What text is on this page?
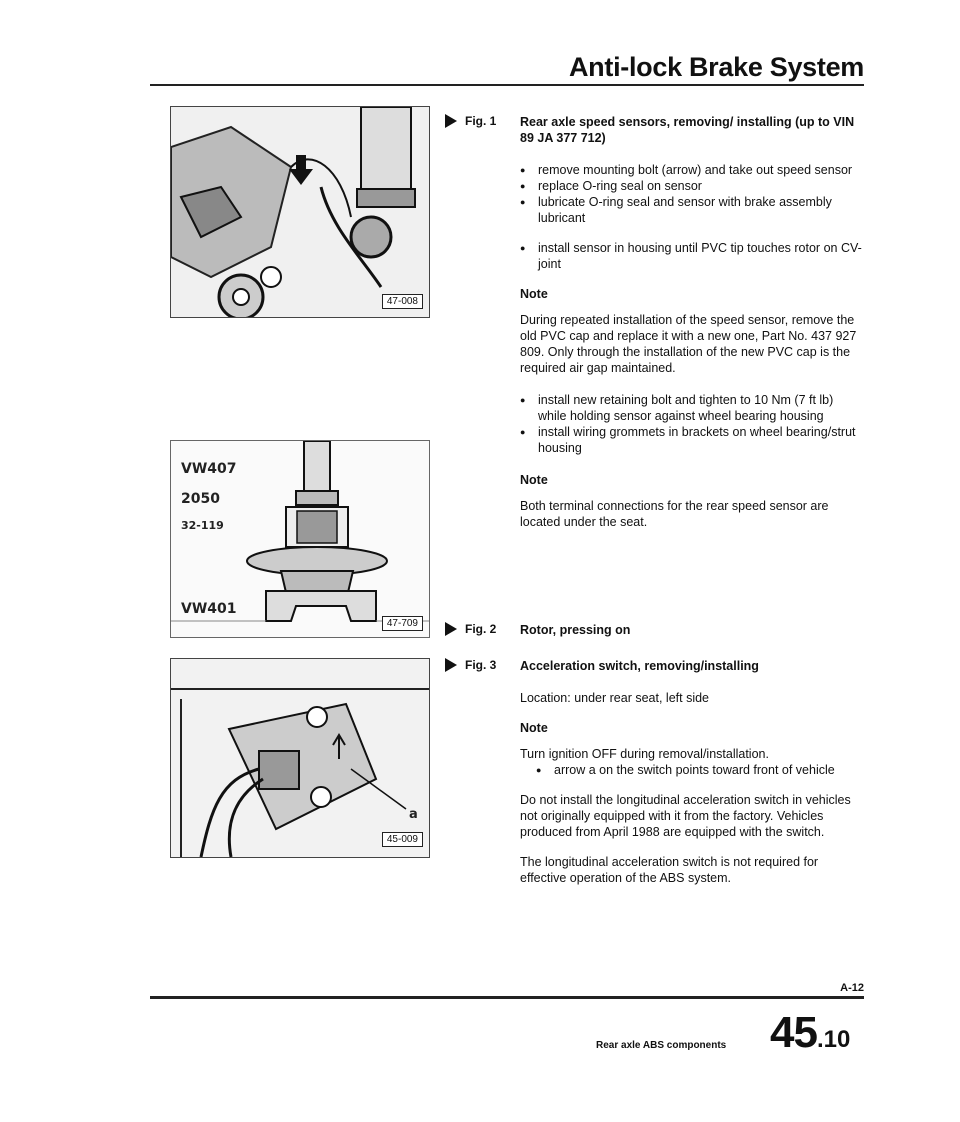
Anti-lock Brake System
47-008
Fig. 1
VW407
2050
32-119
VW401
47-709	Fig. 2
a
45-009
Fig. 3
Rear axle speed sensors, removing/ installing (up to VIN 89 JA 377 712)
● remove mounting bolt (arrow) and take out speed sensor
● replace O-ring seal on sensor
● lubricate O-ring seal and sensor with brake assembly lubricant
● install sensor in housing until PVC tip touches rotor on CV-joint
Note
During repeated installation of the speed sensor, remove the old PVC cap and replace it with a new one, Part No. 437 927 809. Only through the installation of the new PVC cap is the required air gap maintained.
● install new retaining bolt and tighten to 10 Nm (7 ft lb) while holding sensor against wheel bearing housing
● install wiring grommets in brackets on wheel bearing/strut housing
Note
Both terminal connections for the rear speed sensor are located under the seat.
Rotor, pressing on
Acceleration switch, removing/installing
Location: under rear seat, left side
Note
Turn ignition OFF during removal/installation.
● arrow a on the switch points toward front of vehicle
Do not install the longitudinal acceleration switch in vehicles not originally equipped with it from the factory. Vehicles produced from April 1988 are equipped with the switch.
The longitudinal acceleration switch is not required for effective operation of the ABS system.
A-12
Rear axle ABS components 45.10
